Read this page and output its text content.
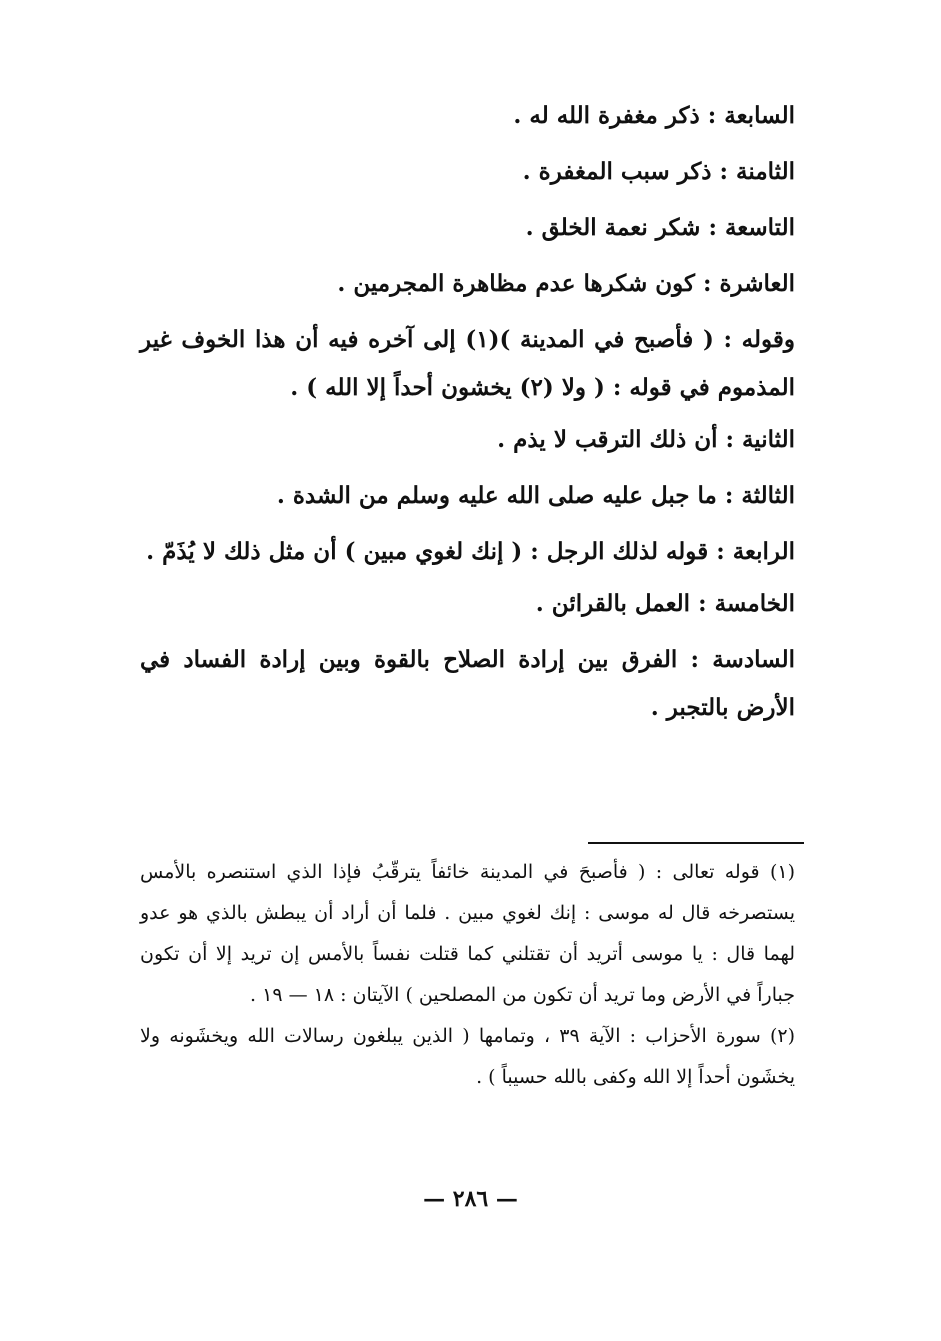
السابعة : ذكر مغفرة الله له .

الثامنة : ذكر سبب المغفرة .

التاسعة : شكر نعمة الخلق .

العاشرة : كون شكرها عدم مظاهرة المجرمين .

وقوله : ( فأصبح في المدينة )(١) إلى آخره فيه أن هذا الخوف غير المذموم في قوله : ( ولا (٢) يخشون أحداً إلا الله ) .

الثانية : أن ذلك الترقب لا يذم .

الثالثة : ما جبل عليه صلى الله عليه وسلم من الشدة .

الرابعة : قوله لذلك الرجل : ( إنك لغوي مبين ) أن مثل ذلك لا يُذَمّ .

الخامسة : العمل بالقرائن .

السادسة : الفرق بين إرادة الصلاح بالقوة وبين إرادة الفساد في الأرض بالتجبر .

(١) قوله تعالى : ( فأصبحَ في المدينة خائفاً يترقّبُ فإذا الذي استنصره بالأمس يستصرخه قال له موسى : إنك لغوي مبين . فلما أن أراد أن يبطش بالذي هو عدو لهما قال : يا موسى أتريد أن تقتلني كما قتلت نفساً بالأمس إن تريد إلا أن تكون جباراً في الأرض وما تريد أن تكون من المصلحين ) الآيتان : ١٨ — ١٩ .

(٢) سورة الأحزاب : الآية ٣٩ ، وتمامها ( الذين يبلغون رسالات الله ويخشَونه ولا يخشَون أحداً إلا الله وكفى بالله حسيباً ) .

— ٢٨٦ —
